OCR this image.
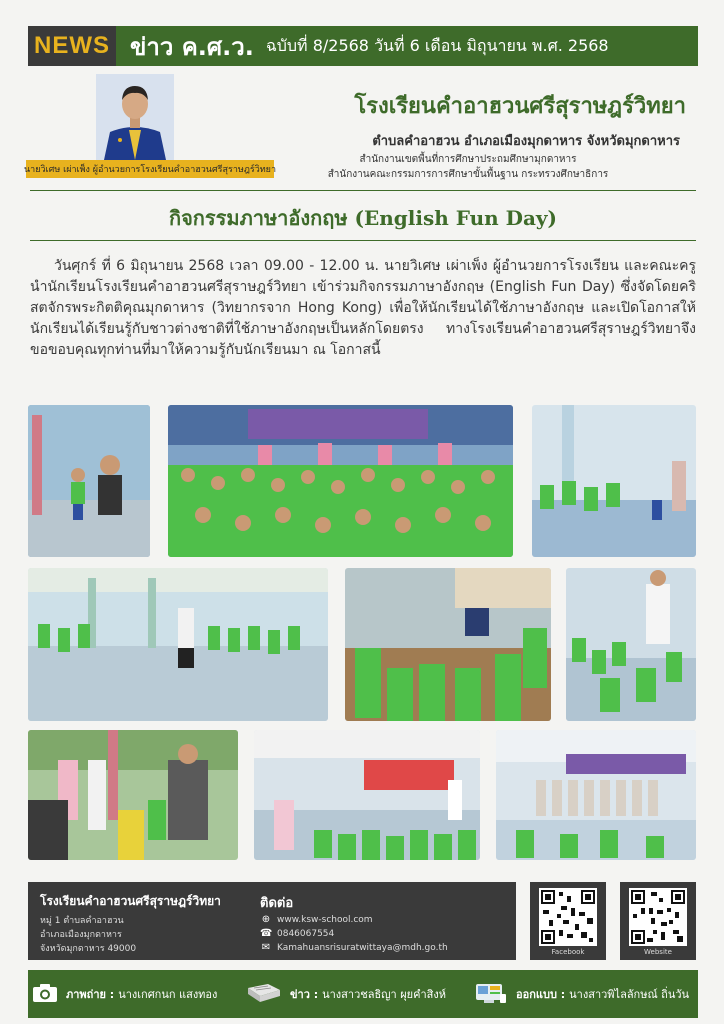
NEWS ข่าว ค.ศ.ว. ฉบับที่ 8/2568 วันที่ 6 เดือน มิถุนายน พ.ศ. 2568
นายวิเศษ เผ่าเพ็ง ผู้อำนวยการโรงเรียนคำอาฮวนศรีสุราษฎร์วิทยา
โรงเรียนคำอาฮวนศรีสุราษฎร์วิทยา
ตำบลคำอาฮวน อำเภอเมืองมุกดาหาร จังหวัดมุกดาหาร
สำนักงานเขตพื้นที่การศึกษาประถมศึกษามุกดาหาร
สำนักงานคณะกรรมการการศึกษาขั้นพื้นฐาน กระทรวงศึกษาธิการ
กิจกรรมภาษาอังกฤษ (English Fun Day)

วันศุกร์ ที่ 6 มิถุนายน 2568 เวลา 09.00 - 12.00 น. นายวิเศษ เผ่าเพ็ง ผู้อำนวยการโรงเรียน และคณะครู นำนักเรียนโรงเรียนคำอาฮวนศรีสุราษฎร์วิทยา เข้าร่วมกิจกรรมภาษาอังกฤษ (English Fun Day) ซึ่งจัดโดยคริสตจักรพระกิตติคุณมุกดาหาร (วิทยากรจาก Hong Kong) เพื่อให้นักเรียนได้ใช้ภาษาอังกฤษ และเปิดโอกาสให้นักเรียนได้เรียนรู้กับชาวต่างชาติที่ใช้ภาษาอังกฤษเป็นหลักโดยตรง ทางโรงเรียนคำอาฮวนศรีสุราษฎร์วิทยาจึงขอขอบคุณทุกท่านที่มาให้ความรู้กับนักเรียนมา ณ โอกาสนี้

โรงเรียนคำอาฮวนศรีสุราษฎร์วิทยา
หมู่ 1 ตำบลคำอาฮวน
อำเภอเมืองมุกดาหาร
จังหวัดมุกดาหาร 49000
ติดต่อ
⊕ www.ksw-school.com
☎ 0846067554
✉ Kamahuansrisuratwittaya@mdh.go.th	Facebook	Website
ภาพถ่าย : นางเกศกนก แสงทอง	ข่าว : นางสาวชลธิญา ผุยคำสิงห์	ออกแบบ : นางสาวพิไลลักษณ์ ถิ่นวัน
